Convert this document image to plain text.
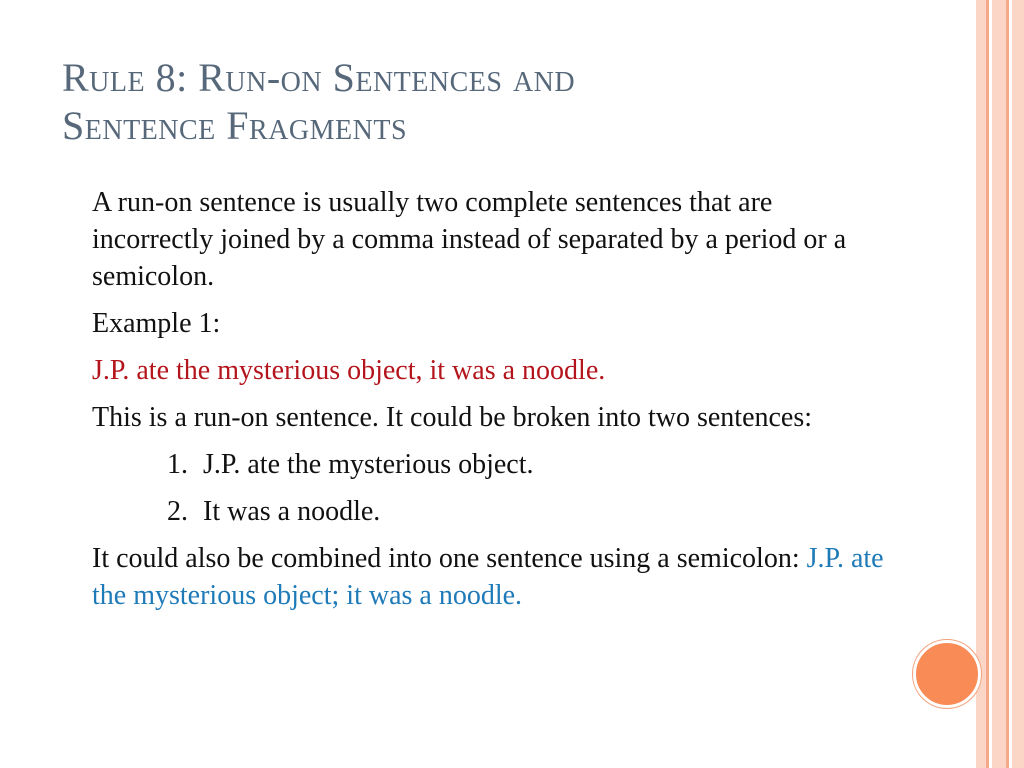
Rule 8: Run-on Sentences and
Sentence Fragments

A run-on sentence is usually two complete sentences that are incorrectly joined by a comma instead of separated by a period or a semicolon.

Example 1:

J.P. ate the mysterious object, it was a noodle.

This is a run-on sentence. It could be broken into two sentences:

1. J.P. ate the mysterious object.

2. It was a noodle.

It could also be combined into one sentence using a semicolon: J.P. ate the mysterious object; it was a noodle.
